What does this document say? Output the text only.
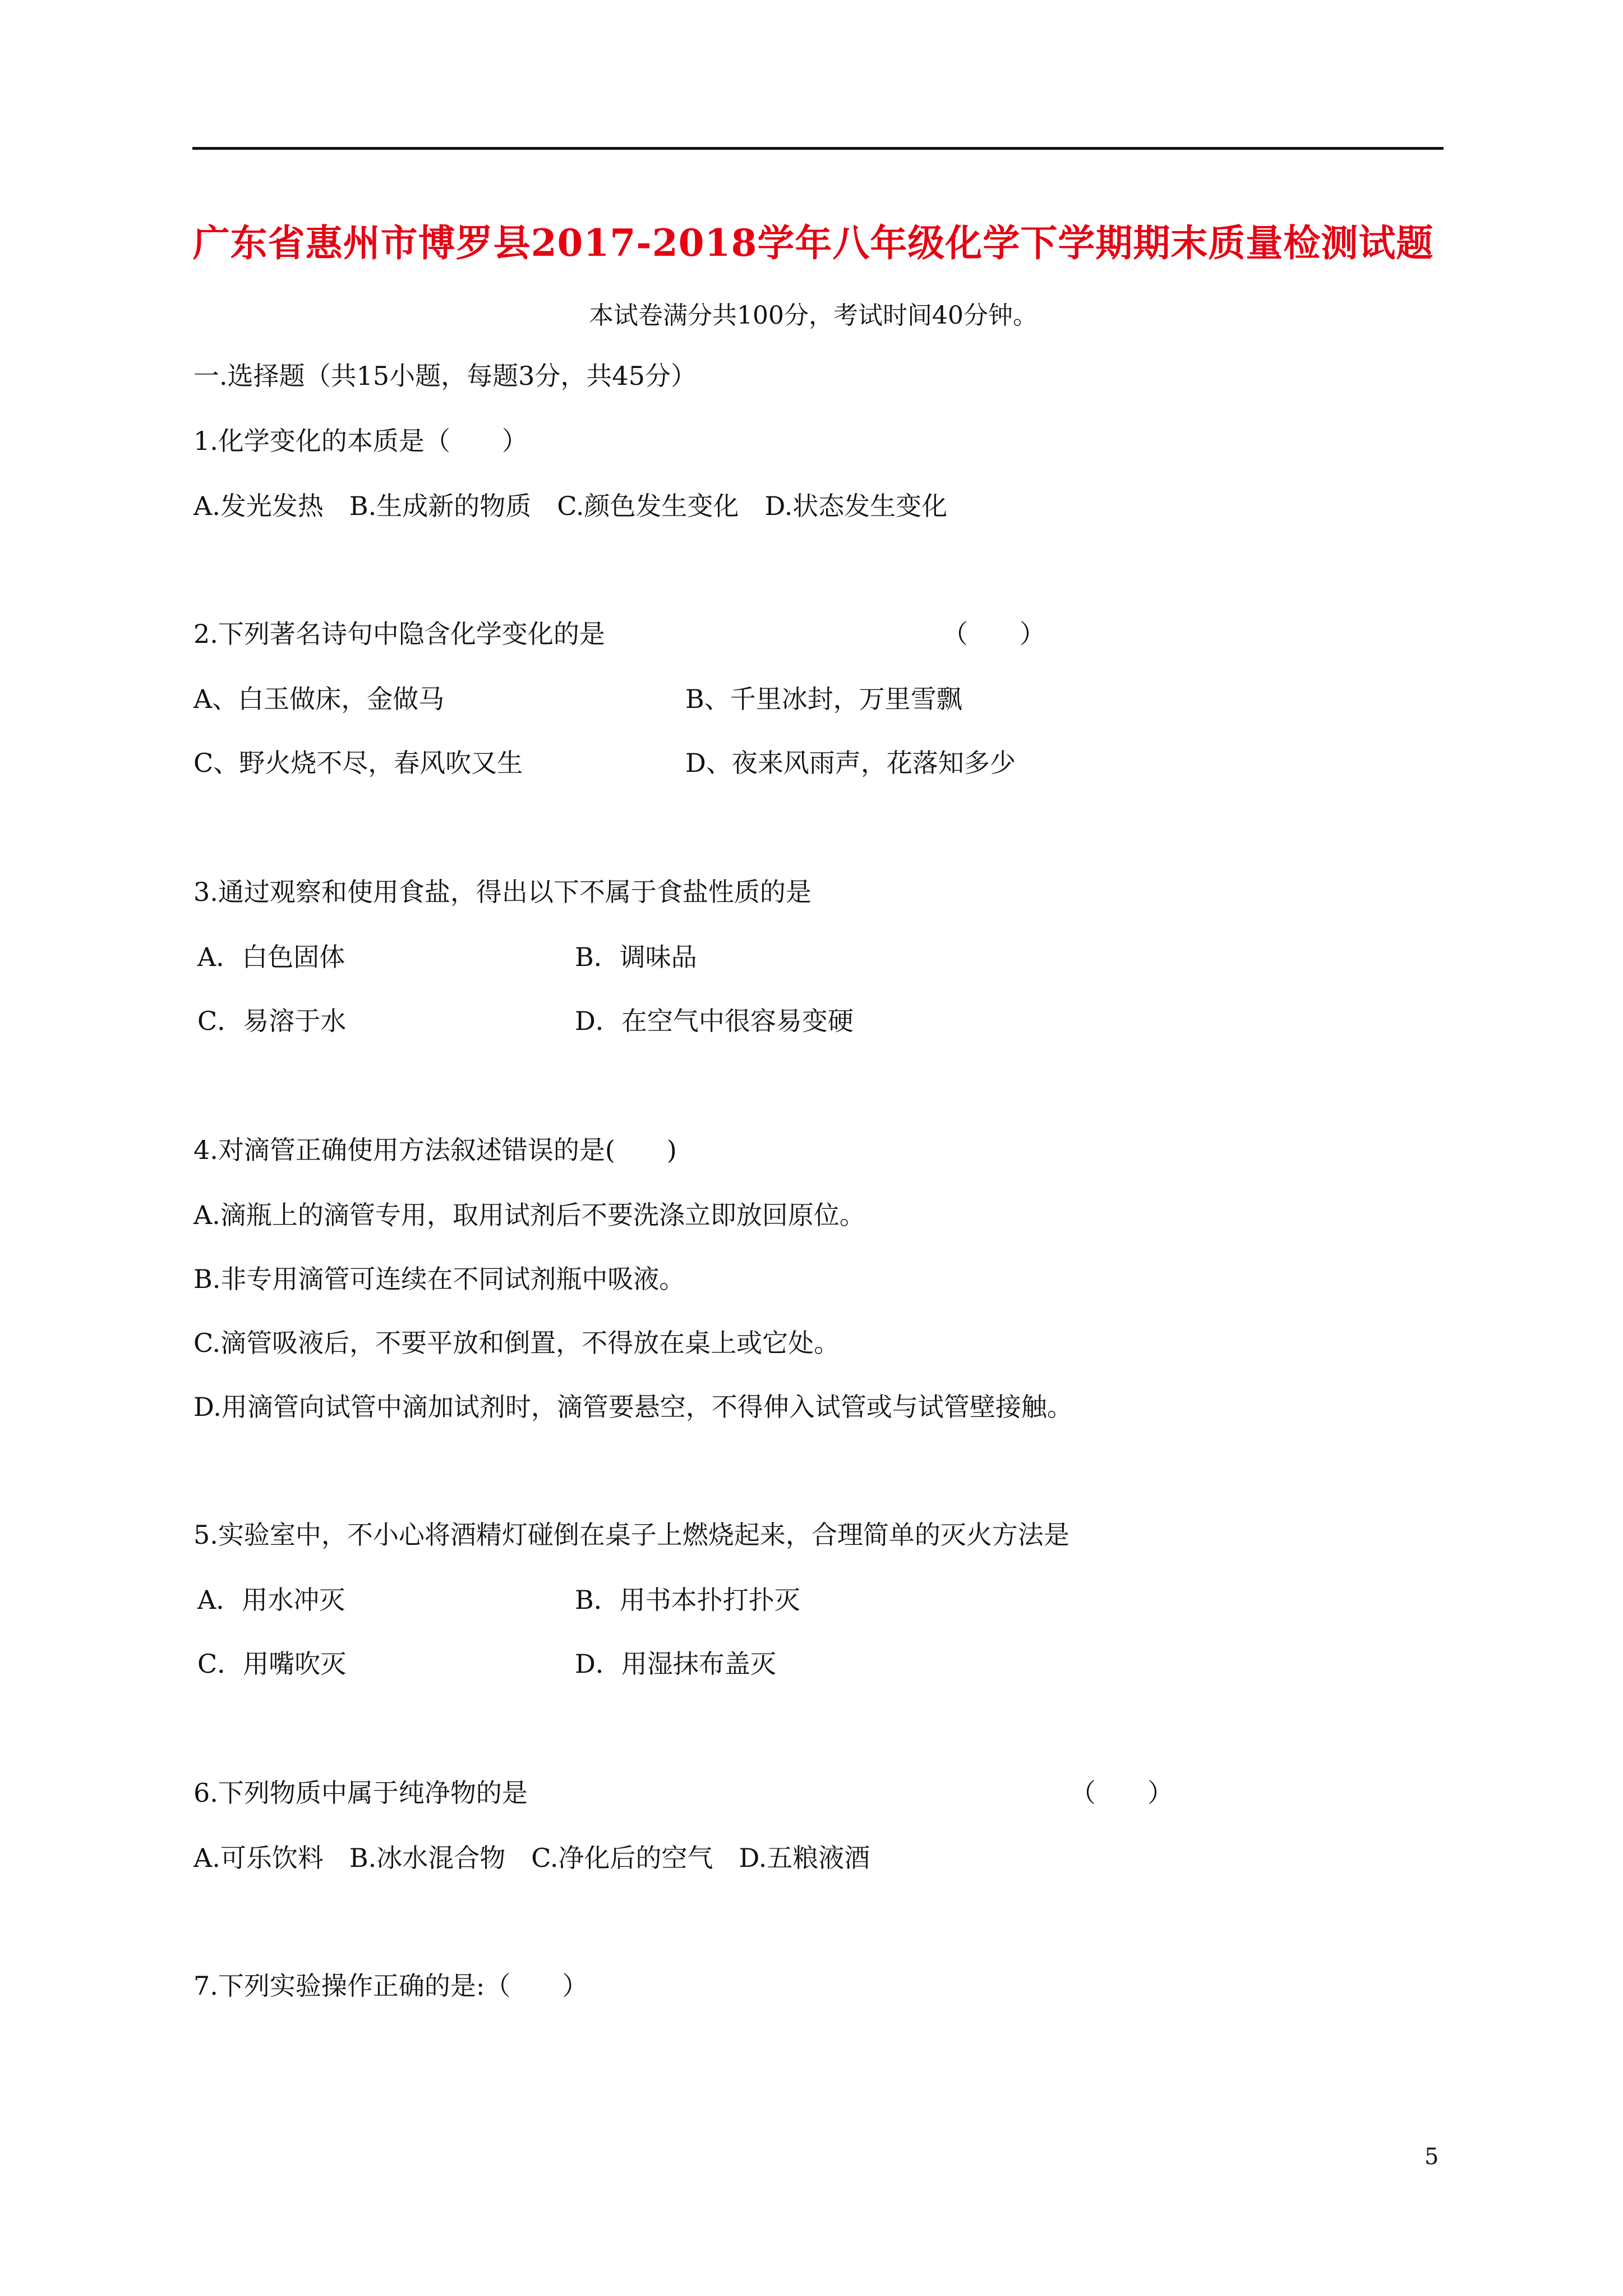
广东省惠州市博罗县2017-2018学年八年级化学下学期期末质量检测试题
本试卷满分共100分，考试时间40分钟。
一.选择题（共15小题，每题3分，共45分）
1.化学变化的本质是（　　）
A.发光发热　B.生成新的物质　C.颜色发生变化　D.状态发生变化
2.下列著名诗句中隐含化学变化的是	（　　）
A、白玉做床，金做马	B、千里冰封，万里雪飘
C、野火烧不尽，春风吹又生	D、夜来风雨声，花落知多少
3.通过观察和使用食盐，得出以下不属于食盐性质的是
A．白色固体	B．调味品
C．易溶于水	D．在空气中很容易变硬
4.对滴管正确使用方法叙述错误的是(　　)
A.滴瓶上的滴管专用，取用试剂后不要洗涤立即放回原位。
B.非专用滴管可连续在不同试剂瓶中吸液。
C.滴管吸液后，不要平放和倒置，不得放在桌上或它处。
D.用滴管向试管中滴加试剂时，滴管要悬空，不得伸入试管或与试管壁接触。
5.实验室中，不小心将酒精灯碰倒在桌子上燃烧起来，合理简单的灭火方法是
A．用水冲灭	B．用书本扑打扑灭
C．用嘴吹灭	D．用湿抹布盖灭
6.下列物质中属于纯净物的是	（　　）
A.可乐饮料　B.冰水混合物　C.净化后的空气　D.五粮液酒
7.下列实验操作正确的是:（　　）
5
